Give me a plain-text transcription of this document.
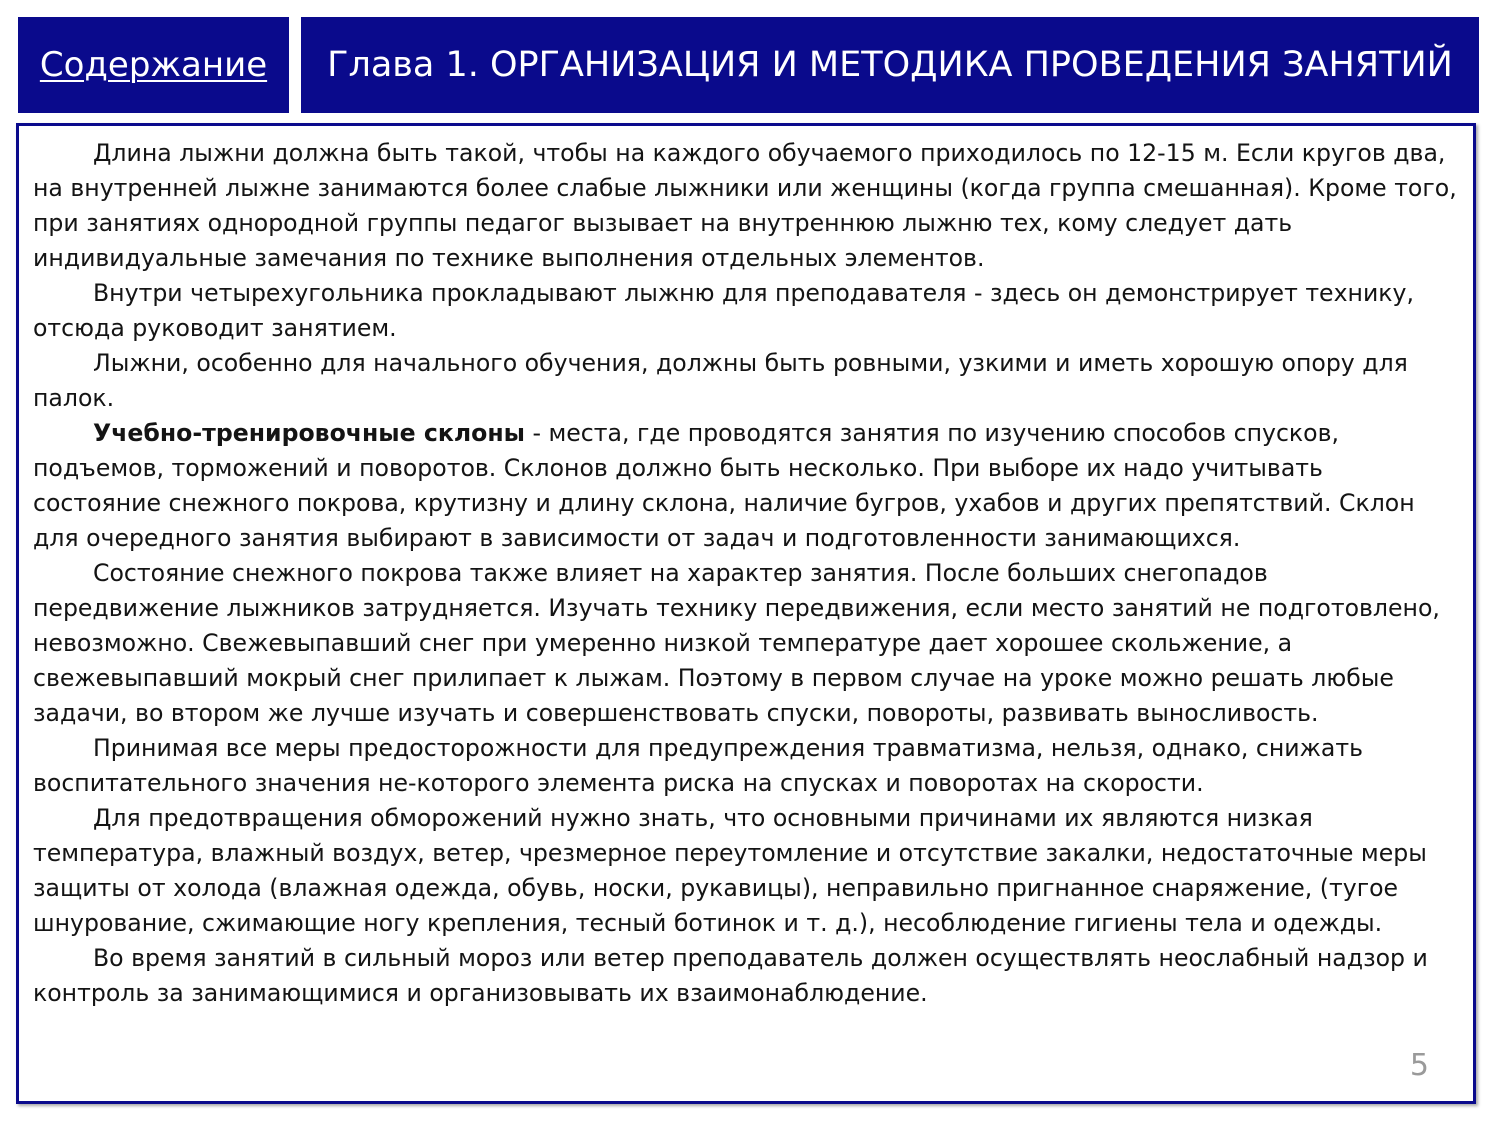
Содержание Глава 1. ОРГАНИЗАЦИЯ И МЕТОДИКА ПРОВЕДЕНИЯ ЗАНЯТИЙ

Длина лыжни должна быть такой, чтобы на каждого обучаемого приходилось по 12-15 м. Если кругов два, на внутренней лыжне занимаются более слабые лыжники или женщины (когда группа смешанная). Кроме того, при занятиях однородной группы педагог вызывает на внутреннюю лыжню тех, кому следует дать индивидуальные замечания по технике выполнения отдельных элементов.

Внутри четырехугольника прокладывают лыжню для преподавателя - здесь он демонстрирует технику, отсюда руководит занятием.

Лыжни, особенно для начального обучения, должны быть ровными, узкими и иметь хорошую опору для палок.

Учебно-тренировочные склоны - места, где проводятся занятия по изучению способов спусков, подъемов, торможений и поворотов. Склонов должно быть несколько. При выборе их надо учитывать состояние снежного покрова, крутизну и длину склона, наличие бугров, ухабов и других препятствий. Склон для очередного занятия выбирают в зависимости от задач и подготовленности занимающихся.

Состояние снежного покрова также влияет на характер занятия. После больших снегопадов передвижение лыжников затрудняется. Изучать технику передвижения, если место занятий не подготовлено, невозможно. Свежевыпавший снег при умеренно низкой температуре дает хорошее скольжение, а свежевыпавший мокрый снег прилипает к лыжам. Поэтому в первом случае на уроке можно решать любые задачи, во втором же лучше изучать и совершенствовать спуски, повороты, развивать выносливость.

Принимая все меры предосторожности для предупреждения травматизма, нельзя, однако, снижать воспитательного значения не-которого элемента риска на спусках и поворотах на скорости.

Для предотвращения обморожений нужно знать, что основными причинами их являются низкая температура, влажный воздух, ветер, чрезмерное переутомление и отсутствие закалки, недостаточные меры защиты от холода (влажная одежда, обувь, носки, рукавицы), неправильно пригнанное снаряжение, (тугое шнурование, сжимающие ногу крепления, тесный ботинок и т. д.), несоблюдение гигиены тела и одежды.

Во время занятий в сильный мороз или ветер преподаватель должен осуществлять неослабный надзор и контроль за занимающимися и организовывать их взаимонаблюдение.

5
